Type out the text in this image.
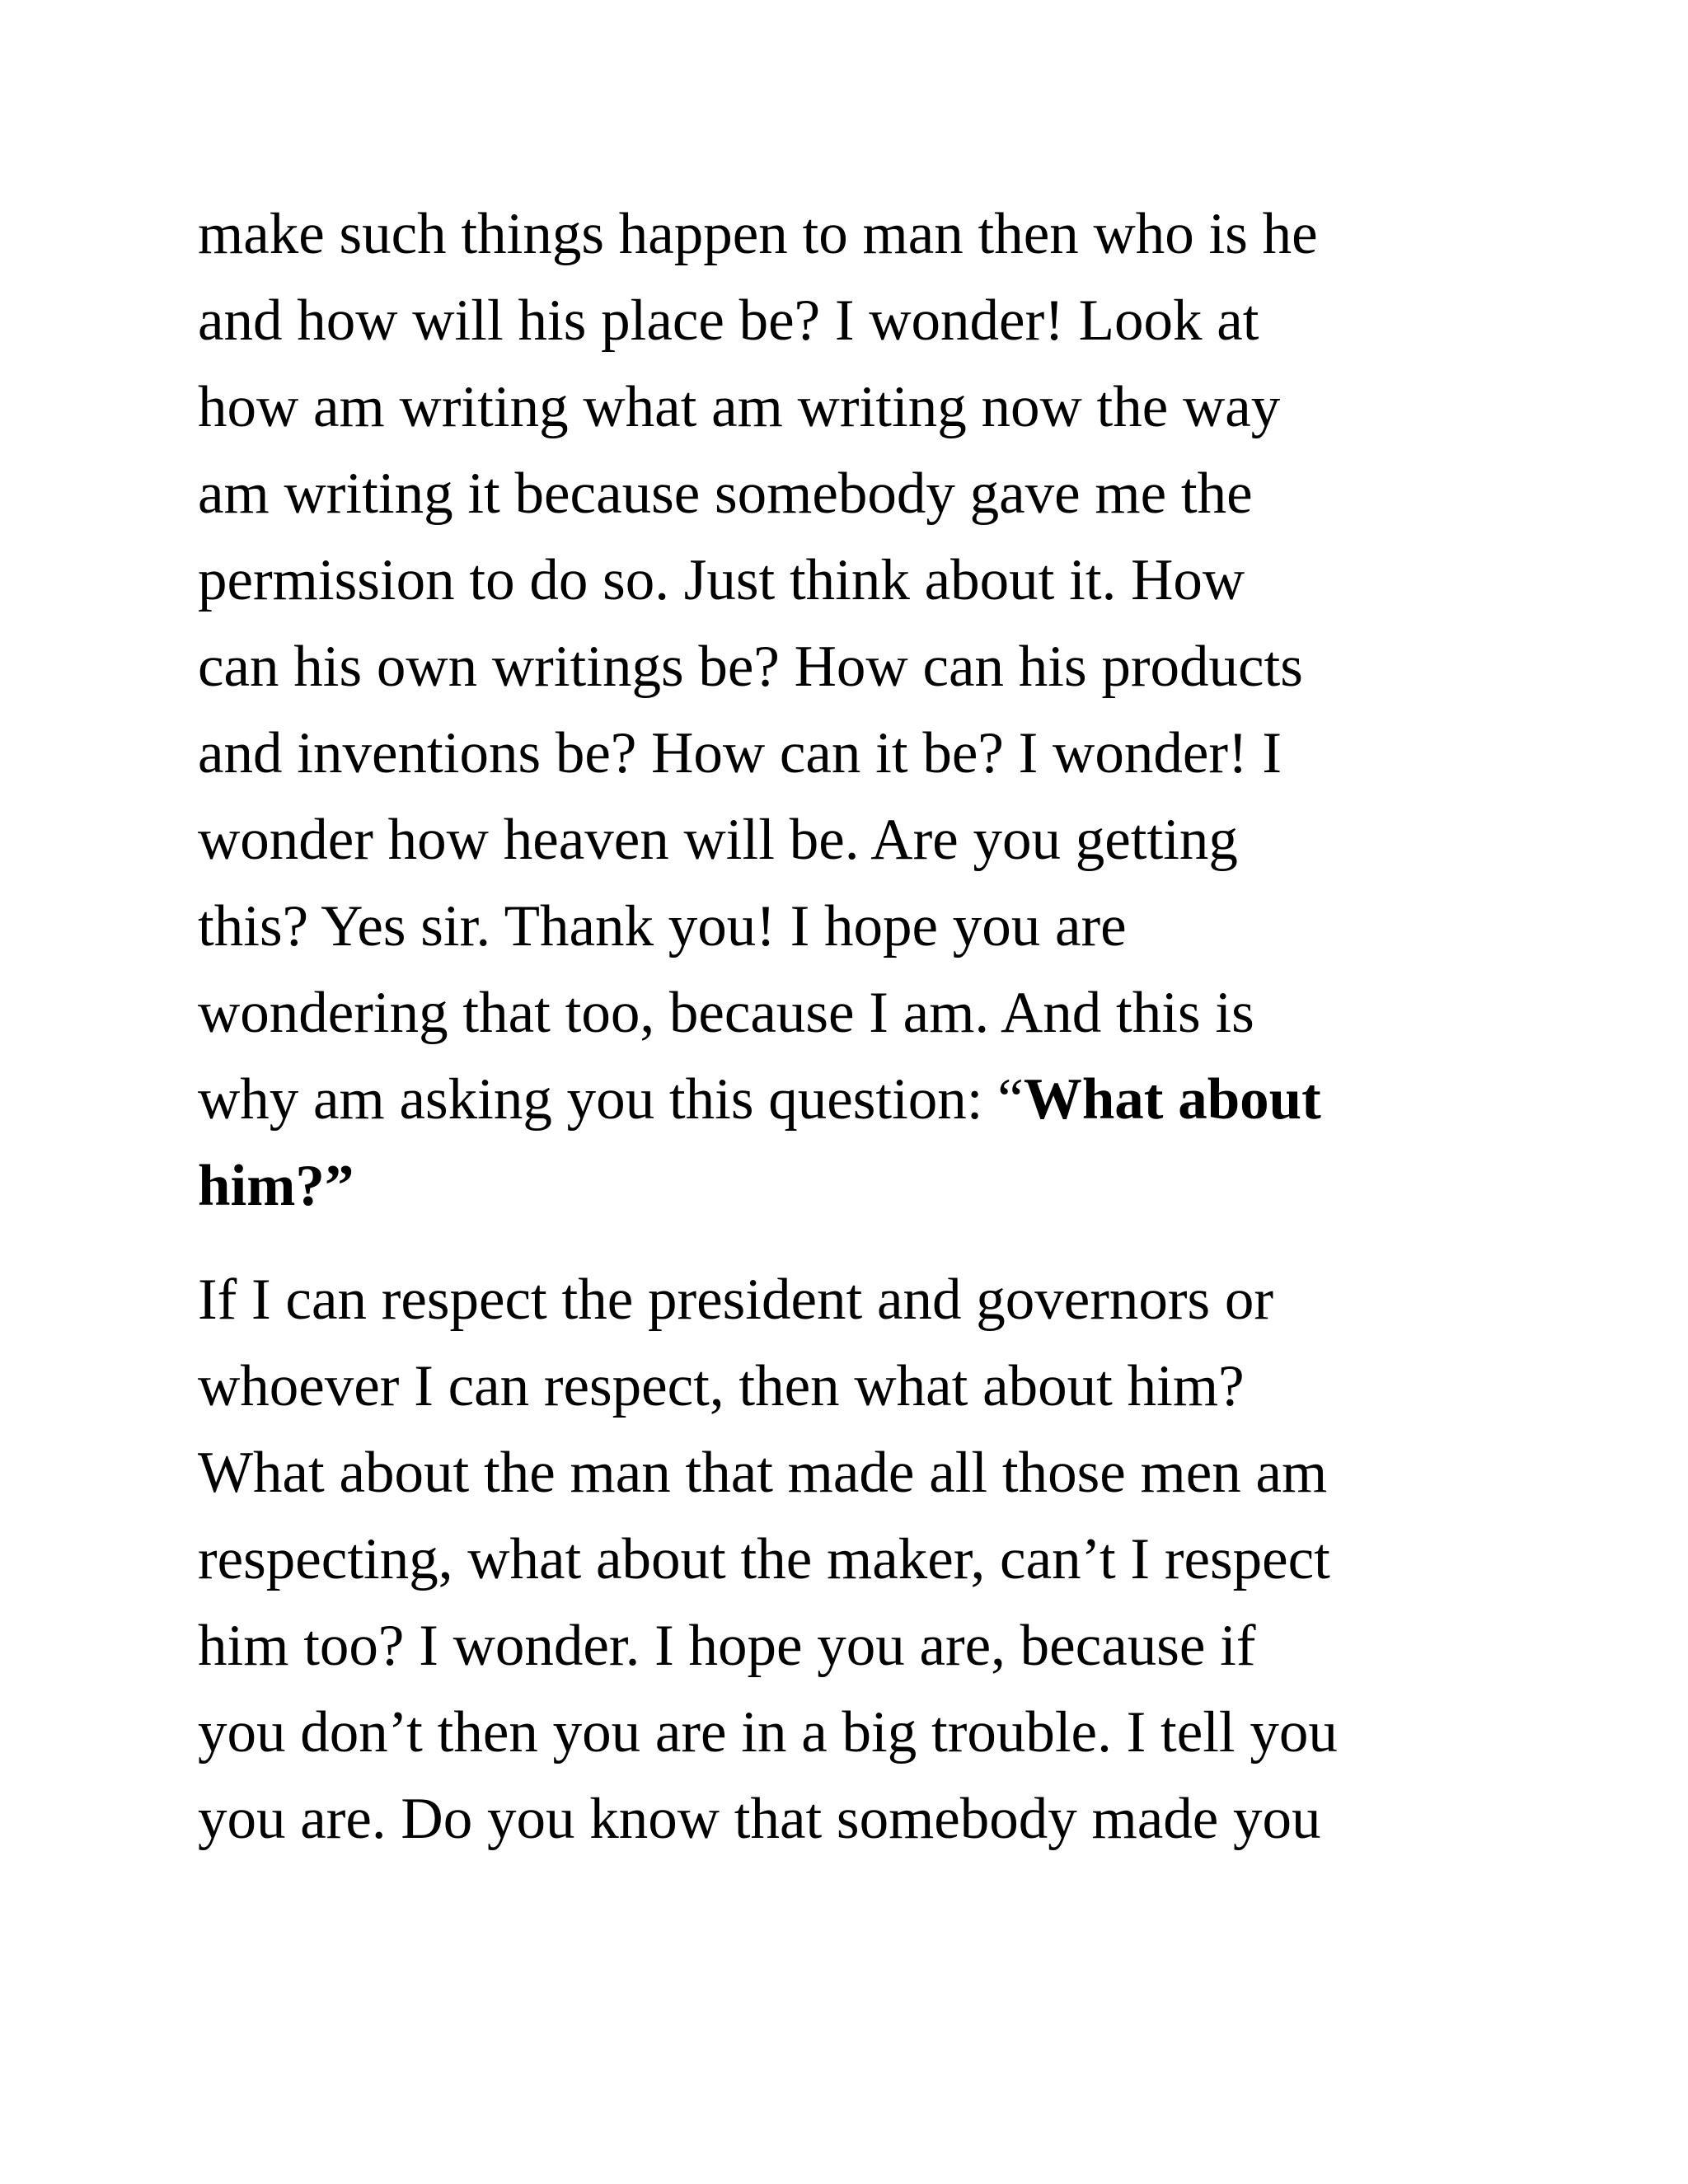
make such things happen to man then who is he
and how will his place be? I wonder! Look at
how am writing what am writing now the way
am writing it because somebody gave me the
permission to do so. Just think about it. How
can his own writings be? How can his products
and inventions be? How can it be? I wonder! I
wonder how heaven will be. Are you getting
this? Yes sir. Thank you! I hope you are
wondering that too, because I am. And this is
why am asking you this question: “What about
him?”
If I can respect the president and governors or
whoever I can respect, then what about him?
What about the man that made all those men am
respecting, what about the maker, can’t I respect
him too? I wonder. I hope you are, because if
you don’t then you are in a big trouble. I tell you
you are. Do you know that somebody made you
